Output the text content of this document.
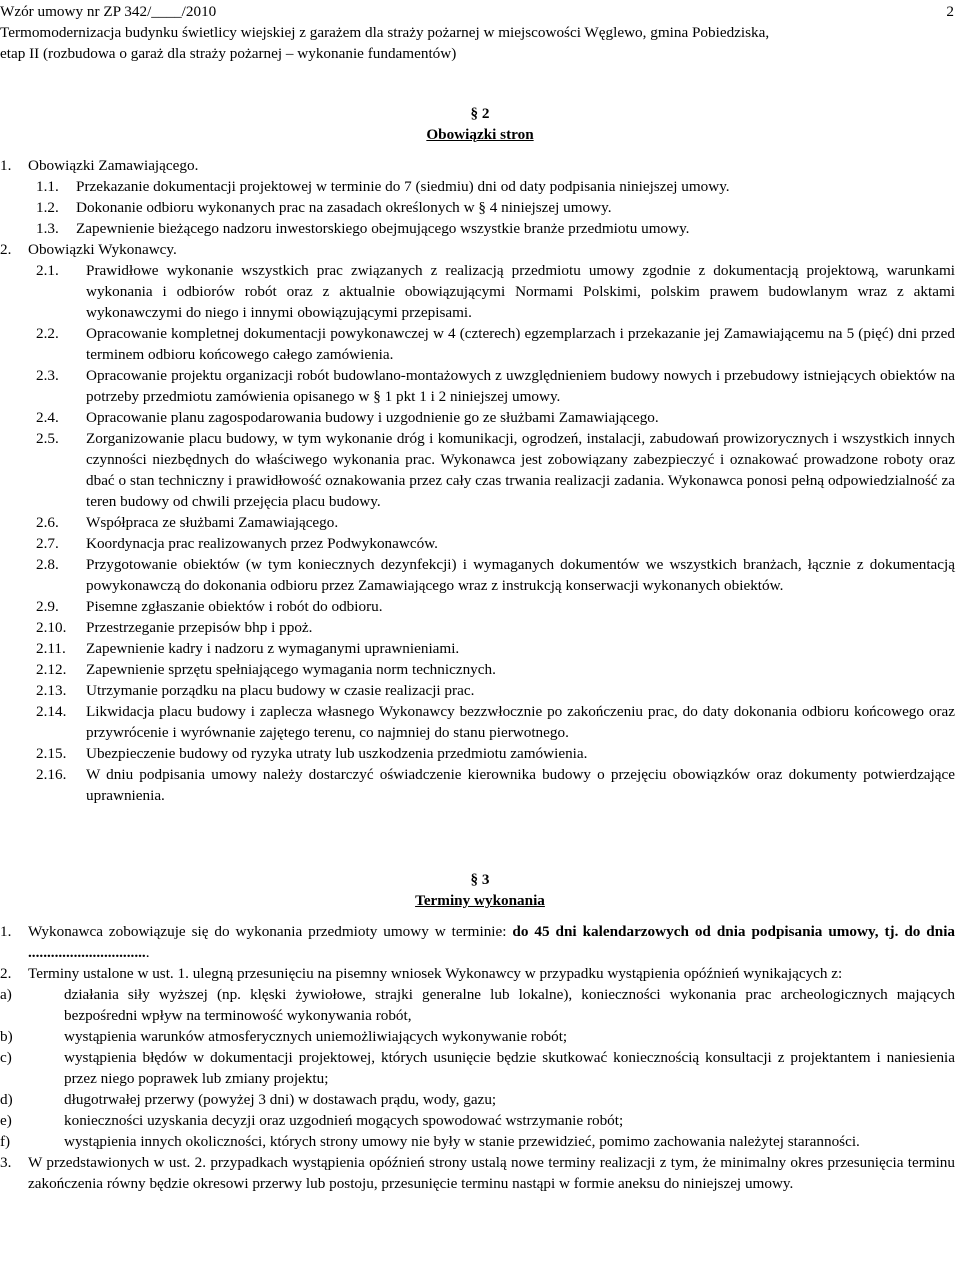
2
Wzór umowy nr ZP 342/____/2010
Termomodernizacja budynku świetlicy wiejskiej z garażem dla straży pożarnej w miejscowości Węglewo, gmina Pobiedziska,
etap II (rozbudowa o garaż dla straży pożarnej – wykonanie fundamentów)
§ 2
Obowiązki stron
1.	Obowiązki Zamawiającego.
1.1.	Przekazanie dokumentacji projektowej w terminie do 7 (siedmiu) dni od daty podpisania niniejszej umowy.
1.2.	Dokonanie odbioru wykonanych prac na zasadach określonych w § 4 niniejszej umowy.
1.3.	Zapewnienie bieżącego nadzoru inwestorskiego obejmującego wszystkie branże przedmiotu umowy.
2.	Obowiązki Wykonawcy.
2.1.	Prawidłowe wykonanie wszystkich prac związanych z realizacją przedmiotu umowy zgodnie z dokumentacją projektową, warunkami wykonania i odbiorów robót oraz z aktualnie obowiązującymi Normami Polskimi, polskim prawem budowlanym wraz z aktami wykonawczymi do niego i innymi obowiązującymi przepisami.
2.2.	Opracowanie kompletnej dokumentacji powykonawczej w 4 (czterech) egzemplarzach i przekazanie jej Zamawiającemu na 5 (pięć) dni przed terminem odbioru końcowego całego zamówienia.
2.3.	Opracowanie projektu organizacji robót budowlano-montażowych z uwzględnieniem budowy nowych i przebudowy istniejących obiektów na potrzeby przedmiotu zamówienia opisanego w § 1 pkt 1 i 2 niniejszej umowy.
2.4.	Opracowanie planu zagospodarowania budowy i uzgodnienie go ze służbami Zamawiającego.
2.5.	Zorganizowanie placu budowy, w tym wykonanie dróg i komunikacji, ogrodzeń, instalacji, zabudowań prowizorycznych i wszystkich innych czynności niezbędnych do właściwego wykonania prac. Wykonawca jest zobowiązany zabezpieczyć i oznakować prowadzone roboty oraz dbać o stan techniczny i prawidłowość oznakowania przez cały czas trwania realizacji zadania. Wykonawca ponosi pełną odpowiedzialność za teren budowy od chwili przejęcia placu budowy.
2.6.	Współpraca ze służbami Zamawiającego.
2.7.	Koordynacja prac realizowanych przez Podwykonawców.
2.8.	Przygotowanie obiektów (w tym koniecznych dezynfekcji) i wymaganych dokumentów we wszystkich branżach, łącznie z dokumentacją powykonawczą do dokonania odbioru przez Zamawiającego wraz z instrukcją konserwacji wykonanych obiektów.
2.9.	Pisemne zgłaszanie obiektów i robót do odbioru.
2.10.	Przestrzeganie przepisów bhp i ppoż.
2.11.	Zapewnienie kadry i nadzoru z wymaganymi uprawnieniami.
2.12.	Zapewnienie sprzętu spełniającego wymagania norm technicznych.
2.13.	Utrzymanie porządku na placu budowy w czasie realizacji prac.
2.14.	Likwidacja placu budowy i zaplecza własnego Wykonawcy bezzwłocznie po zakończeniu prac, do daty dokonania odbioru końcowego oraz przywrócenie i wyrównanie zajętego terenu, co najmniej do stanu pierwotnego.
2.15.	Ubezpieczenie budowy od ryzyka utraty lub uszkodzenia przedmiotu zamówienia.
2.16.	W dniu podpisania umowy należy dostarczyć oświadczenie kierownika budowy o przejęciu obowiązków oraz dokumenty potwierdzające uprawnienia.
§ 3
Terminy wykonania
1.	Wykonawca zobowiązuje się do wykonania przedmioty umowy w terminie: do 45 dni kalendarzowych od dnia podpisania umowy, tj. do dnia ................................
2.	Terminy ustalone w ust. 1. ulegną przesunięciu na pisemny wniosek Wykonawcy w przypadku wystąpienia opóźnień wynikających z:
a)	działania siły wyższej (np. klęski żywiołowe, strajki generalne lub lokalne), konieczności wykonania prac archeologicznych mających bezpośredni wpływ na terminowość wykonywania robót,
b)	wystąpienia warunków atmosferycznych uniemożliwiających wykonywanie robót;
c)	wystąpienia błędów w dokumentacji projektowej, których usunięcie będzie skutkować koniecznością konsultacji z projektantem i naniesienia przez niego poprawek lub zmiany projektu;
d)	długotrwałej przerwy (powyżej 3 dni) w dostawach prądu, wody, gazu;
e)	konieczności uzyskania decyzji oraz uzgodnień mogących spowodować wstrzymanie robót;
f)	wystąpienia innych okoliczności, których strony umowy nie były w stanie przewidzieć, pomimo zachowania należytej staranności.
3.	W przedstawionych w ust. 2. przypadkach wystąpienia opóźnień strony ustalą nowe terminy realizacji z tym, że minimalny okres przesunięcia terminu zakończenia równy będzie okresowi przerwy lub postoju, przesunięcie terminu nastąpi w formie aneksu do niniejszej umowy.
